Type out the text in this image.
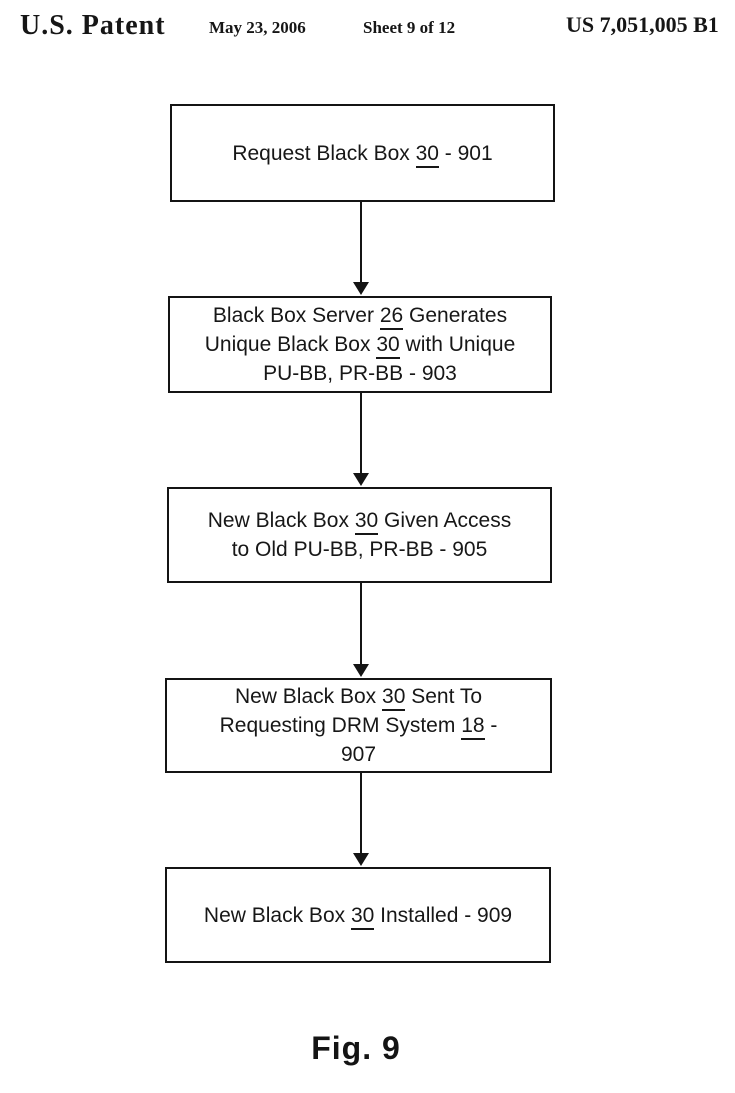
U.S. Patent	May 23, 2006	Sheet 9 of 12	US 7,051,005 B1
Request Black Box 30 - 901
Black Box Server 26 Generates
Unique Black Box 30 with Unique
PU-BB, PR-BB - 903
New Black Box 30 Given Access
to Old PU-BB, PR-BB - 905
New Black Box 30 Sent To
Requesting DRM System 18 -
907
New Black Box 30 Installed - 909
Fig. 9
